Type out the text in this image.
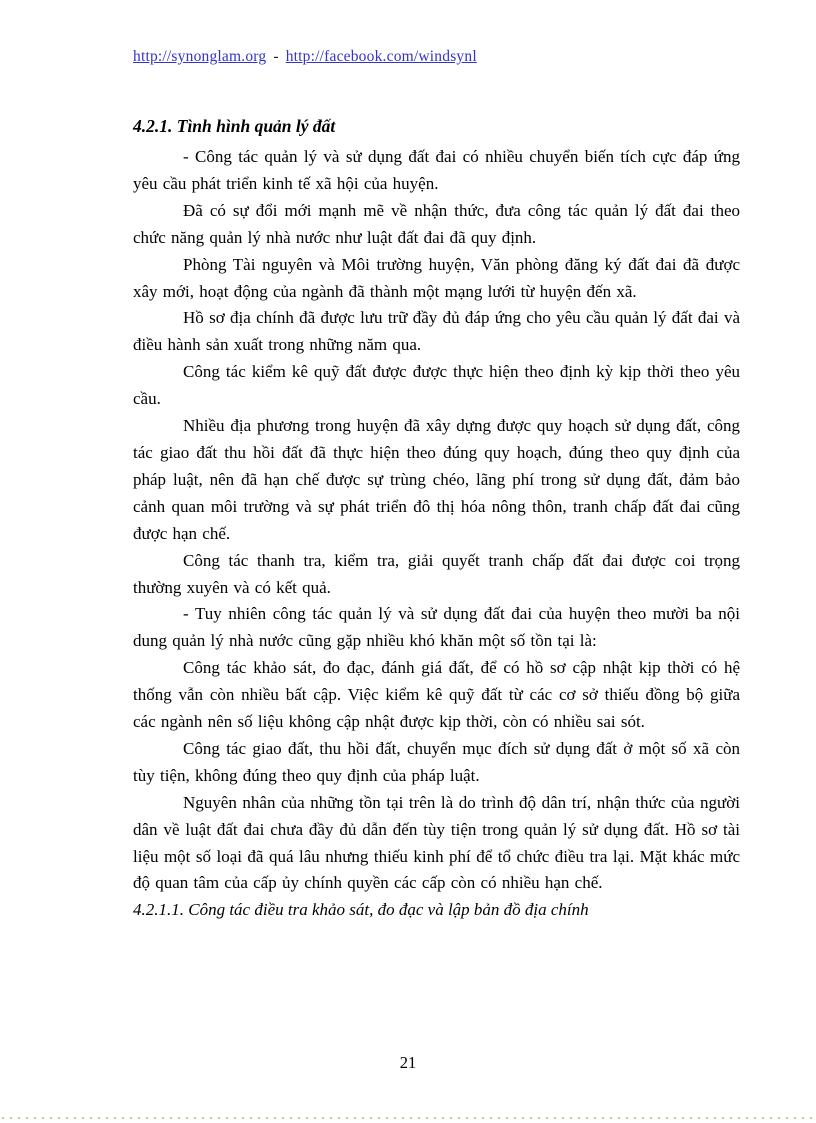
http://synonglam.org - http://facebook.com/windsynl
4.2.1. Tình hình quản lý đất

- Công tác quản lý và sử dụng đất đai có nhiều chuyển biến tích cực đáp ứng yêu cầu phát triển kinh tế xã hội của huyện.

Đã có sự đổi mới mạnh mẽ về nhận thức, đưa công tác quản lý đất đai theo chức năng quản lý nhà nước như luật đất đai đã quy định.

Phòng Tài nguyên và Môi trường huyện, Văn phòng đăng ký đất đai đã được xây mới, hoạt động của ngành đã thành một mạng lưới từ huyện đến xã.

Hồ sơ địa chính đã được lưu trữ đầy đủ đáp ứng cho yêu cầu quản lý đất đai và điều hành sản xuất trong những năm qua.

Công tác kiểm kê quỹ đất được được thực hiện theo định kỳ kịp thời theo yêu cầu.

Nhiều địa phương trong huyện đã xây dựng được quy hoạch sử dụng đất, công tác giao đất thu hồi đất đã thực hiện theo đúng quy hoạch, đúng theo quy định của pháp luật, nên đã hạn chế được sự trùng chéo, lãng phí trong sử dụng đất, đảm bảo cảnh quan môi trường và sự phát triển đô thị hóa nông thôn, tranh chấp đất đai cũng được hạn chế.

Công tác thanh tra, kiểm tra, giải quyết tranh chấp đất đai được coi trọng thường xuyên và có kết quả.

- Tuy nhiên công tác quản lý và sử dụng đất đai của huyện theo mười ba nội dung quản lý nhà nước cũng gặp nhiều khó khăn một số tồn tại là:

Công tác khảo sát, đo đạc, đánh giá đất, để có hồ sơ cập nhật kịp thời có hệ thống vẫn còn nhiều bất cập. Việc kiểm kê quỹ đất từ các cơ sở thiếu đồng bộ giữa các ngành nên số liệu không cập nhật được kịp thời, còn có nhiều sai sót.

Công tác giao đất, thu hồi đất, chuyển mục đích sử dụng đất ở một số xã còn tùy tiện, không đúng theo quy định của pháp luật.

Nguyên nhân của những tồn tại trên là do trình độ dân trí, nhận thức của người dân về luật đất đai chưa đầy đủ dẫn đến tùy tiện trong quản lý sử dụng đất. Hồ sơ tài liệu một số loại đã quá lâu nhưng thiếu kinh phí để tổ chức điều tra lại. Mặt khác mức độ quan tâm của cấp ủy chính quyền các cấp còn có nhiều hạn chế.

4.2.1.1. Công tác điều tra khảo sát, đo đạc và lập bản đồ địa chính
21
